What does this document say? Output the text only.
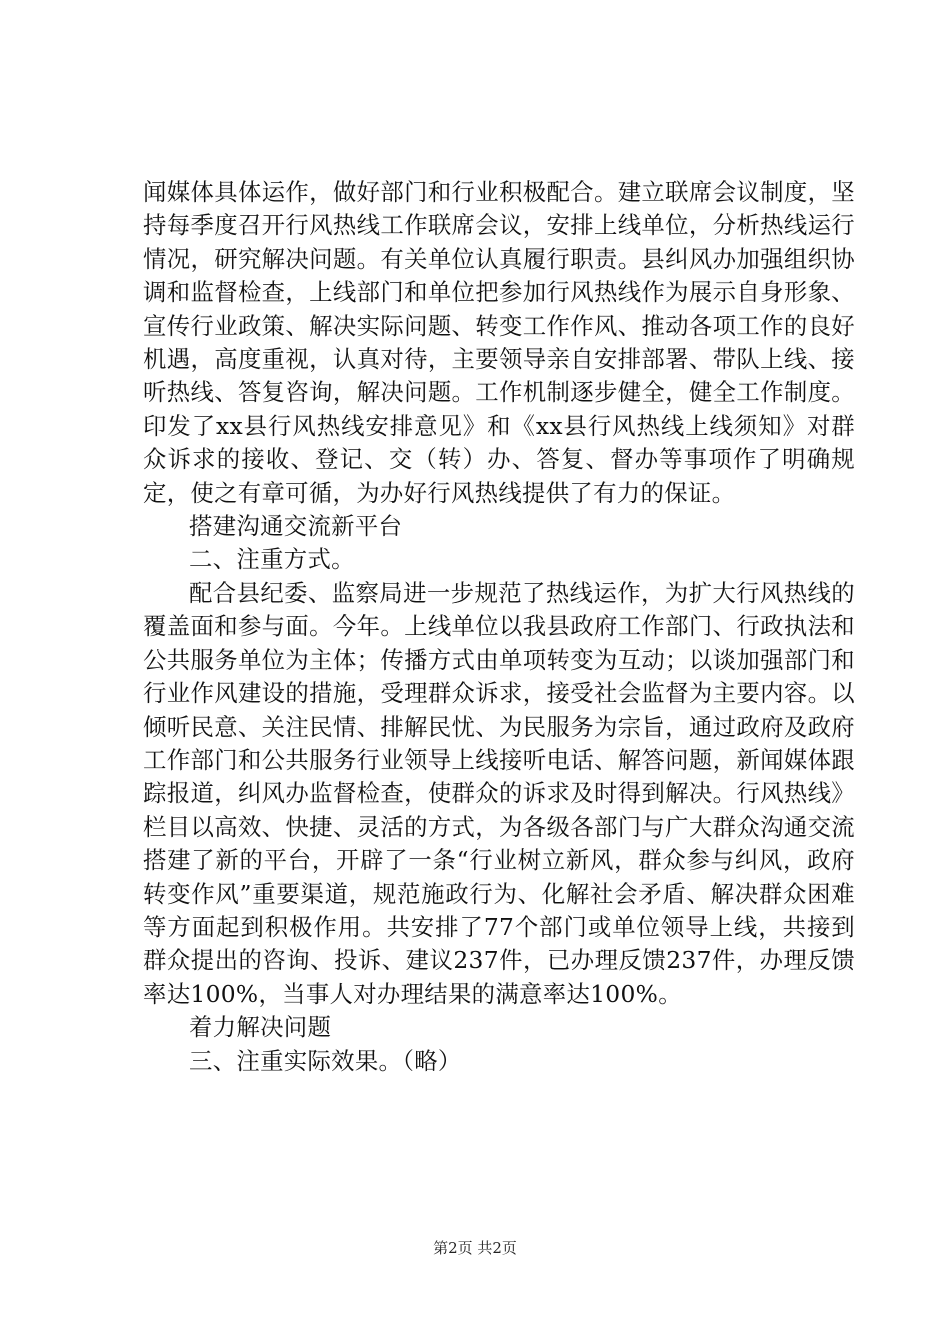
闻媒体具体运作，做好部门和行业积极配合。建立联席会议制度，坚持每季度召开行风热线工作联席会议，安排上线单位，分析热线运行情况，研究解决问题。有关单位认真履行职责。县纠风办加强组织协调和监督检查，上线部门和单位把参加行风热线作为展示自身形象、宣传行业政策、解决实际问题、转变工作作风、推动各项工作的良好机遇，高度重视，认真对待，主要领导亲自安排部署、带队上线、接听热线、答复咨询，解决问题。工作机制逐步健全，健全工作制度。印发了xx县行风热线安排意见》和《xx县行风热线上线须知》对群众诉求的接收、登记、交（转）办、答复、督办等事项作了明确规定，使之有章可循，为办好行风热线提供了有力的保证。

搭建沟通交流新平台

二、注重方式。

配合县纪委、监察局进一步规范了热线运作，为扩大行风热线的覆盖面和参与面。今年。上线单位以我县政府工作部门、行政执法和公共服务单位为主体；传播方式由单项转变为互动；以谈加强部门和行业作风建设的措施，受理群众诉求，接受社会监督为主要内容。以倾听民意、关注民情、排解民忧、为民服务为宗旨，通过政府及政府工作部门和公共服务行业领导上线接听电话、解答问题，新闻媒体跟踪报道，纠风办监督检查，使群众的诉求及时得到解决。行风热线》栏目以高效、快捷、灵活的方式，为各级各部门与广大群众沟通交流搭建了新的平台，开辟了一条“行业树立新风，群众参与纠风，政府转变作风”重要渠道，规范施政行为、化解社会矛盾、解决群众困难等方面起到积极作用。共安排了77个部门或单位领导上线，共接到群众提出的咨询、投诉、建议237件，已办理反馈237件，办理反馈率达100%，当事人对办理结果的满意率达100%。

着力解决问题

三、注重实际效果。（略）

第2页 共2页
